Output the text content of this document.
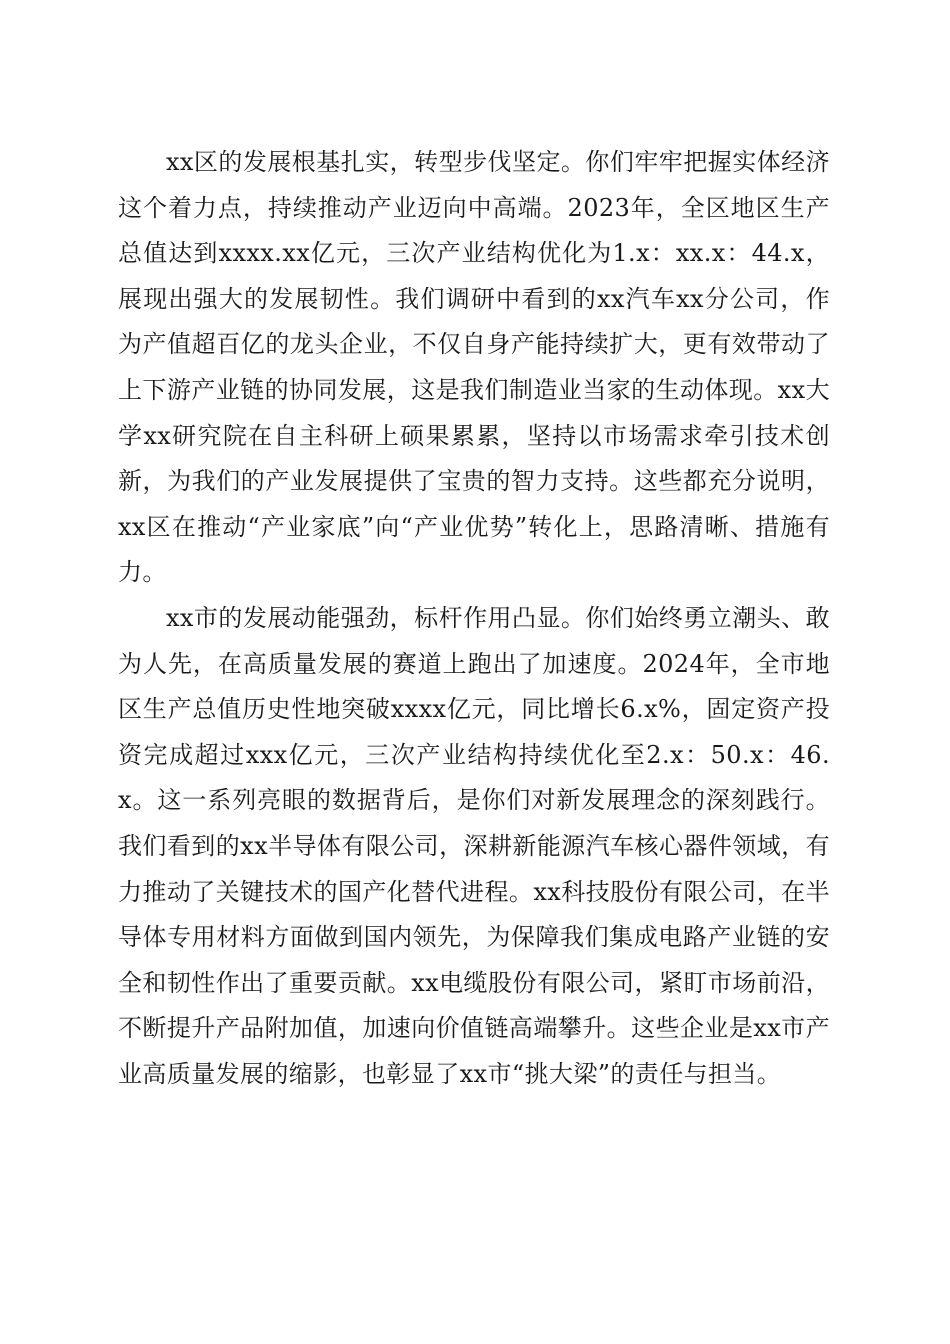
xx区的发展根基扎实，转型步伐坚定。你们牢牢把握实体经济这个着力点，持续推动产业迈向中高端。2023年，全区地区生产总值达到xxxx.xx亿元，三次产业结构优化为1.x：xx.x：44.x，展现出强大的发展韧性。我们调研中看到的xx汽车xx分公司，作为产值超百亿的龙头企业，不仅自身产能持续扩大，更有效带动了上下游产业链的协同发展，这是我们制造业当家的生动体现。xx大学xx研究院在自主科研上硕果累累，坚持以市场需求牵引技术创新，为我们的产业发展提供了宝贵的智力支持。这些都充分说明，xx区在推动“产业家底”向“产业优势”转化上，思路清晰、措施有力。

xx市的发展动能强劲，标杆作用凸显。你们始终勇立潮头、敢为人先，在高质量发展的赛道上跑出了加速度。2024年，全市地区生产总值历史性地突破xxxx亿元，同比增长6.x%，固定资产投资完成超过xxx亿元，三次产业结构持续优化至2.x：50.x：46.x。这一系列亮眼的数据背后，是你们对新发展理念的深刻践行。我们看到的xx半导体有限公司，深耕新能源汽车核心器件领域，有力推动了关键技术的国产化替代进程。xx科技股份有限公司，在半导体专用材料方面做到国内领先，为保障我们集成电路产业链的安全和韧性作出了重要贡献。xx电缆股份有限公司，紧盯市场前沿，不断提升产品附加值，加速向价值链高端攀升。这些企业是xx市产业高质量发展的缩影，也彰显了xx市“挑大梁”的责任与担当。
